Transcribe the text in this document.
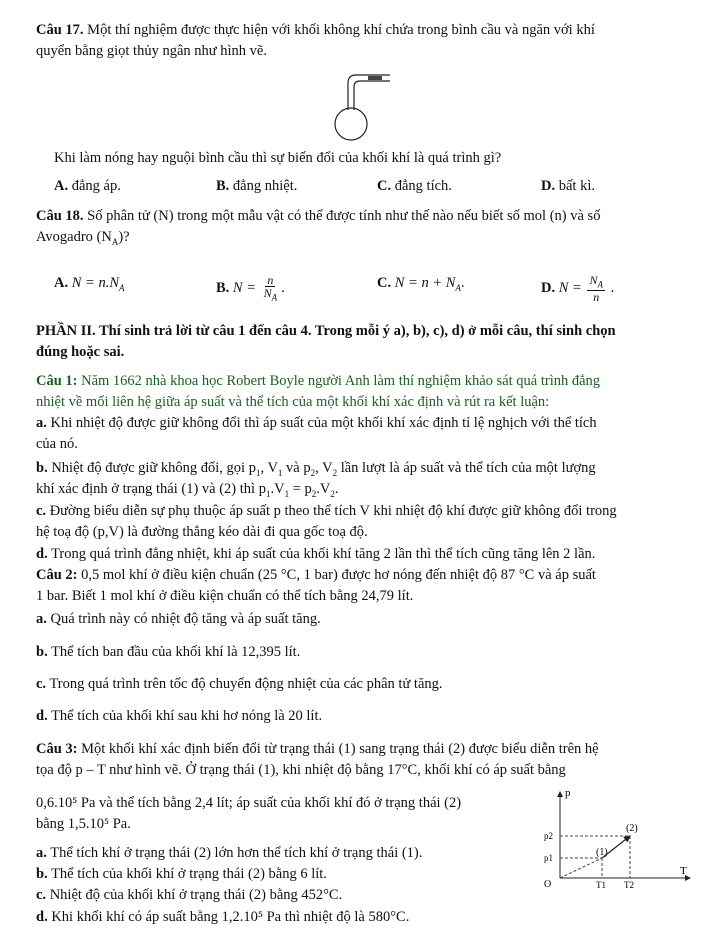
Câu 17. Một thí nghiệm được thực hiện với khối không khí chứa trong bình cầu và ngăn với khí
quyển bằng giọt thủy ngân như hình vẽ.
Khi làm nóng hay nguội bình cầu thì sự biến đổi của khối khí là quá trình gì?
A. đẳng áp.	B. đẳng nhiệt.	C. đẳng tích.	D. bất kì.
Câu 18. Số phân tử (N) trong một mẫu vật có thể được tính như thế nào nếu biết số mol (n) và số
Avogadro $(N_A)$?
A. $N = n.N_A$	B. $N = \frac{n}{N_A}$ .	C. $N = n + N_A$.	D. $N = \frac{N_A}{n}$ .
PHẦN II. Thí sinh trả lời từ câu 1 đến câu 4. Trong mỗi ý a), b), c), d) ở mỗi câu, thí sinh chọn
đúng hoặc sai.
Câu 1: Năm 1662 nhà khoa học Robert Boyle người Anh làm thí nghiệm khảo sát quá trình đẳng
nhiệt về mối liên hệ giữa áp suất và thể tích của một khối khí xác định và rút ra kết luận:
a. Khi nhiệt độ được giữ không đổi thì áp suất của một khối khí xác định tỉ lệ nghịch với thể tích
của nó.
b. Nhiệt độ được giữ không đổi, gọi $p_1$, $V_1$ và $p_2$, $V_2$ lần lượt là áp suất và thể tích của một lượng
khí xác định ở trạng thái (1) và (2) thì $p_1.V_1 = p_2.V_2$.
c. Đường biểu diễn sự phụ thuộc áp suất p theo thể tích V khi nhiệt độ khí được giữ không đổi trong
hệ toạ độ (p,V) là đường thẳng kéo dài đi qua gốc toạ độ.
d. Trong quá trình đẳng nhiệt, khi áp suất của khối khí tăng 2 lần thì thể tích cũng tăng lên 2 lần.
Câu 2: 0,5 mol khí ở điều kiện chuẩn (25 °C, 1 bar) được hơ nóng đến nhiệt độ 87 °C và áp suất
1 bar. Biết 1 mol khí ở điều kiện chuẩn có thể tích bằng 24,79 lít.
a. Quá trình này có nhiệt độ tăng và áp suất tăng.
b. Thể tích ban đầu của khối khí là 12,395 lít.
c. Trong quá trình trên tốc độ chuyển động nhiệt của các phân tử tăng.
d. Thể tích của khối khí sau khi hơ nóng là 20 lít.
Câu 3: Một khối khí xác định biến đổi từ trạng thái (1) sang trạng thái (2) được biểu diễn trên hệ
tọa độ p – T như hình vẽ. Ở trạng thái (1), khi nhiệt độ bằng 17°C, khối khí có áp suất bằng
0,6.10⁵ Pa và thể tích bằng 2,4 lít; áp suất của khối khí đó ở trạng thái (2)
bằng 1,5.10⁵ Pa.
a. Thể tích khí ở trạng thái (2) lớn hơn thể tích khí ở trạng thái (1).
b. Thể tích của khối khí ở trạng thái (2) bằng 6 lít.
c. Nhiệt độ của khối khí ở trạng thái (2) bằng 452°C.
d. Khi khối khí có áp suất bằng 1,2.10⁵ Pa thì nhiệt độ là 580°C.
p
T
O
p2
p1
T1 T2
(1)
(2)
